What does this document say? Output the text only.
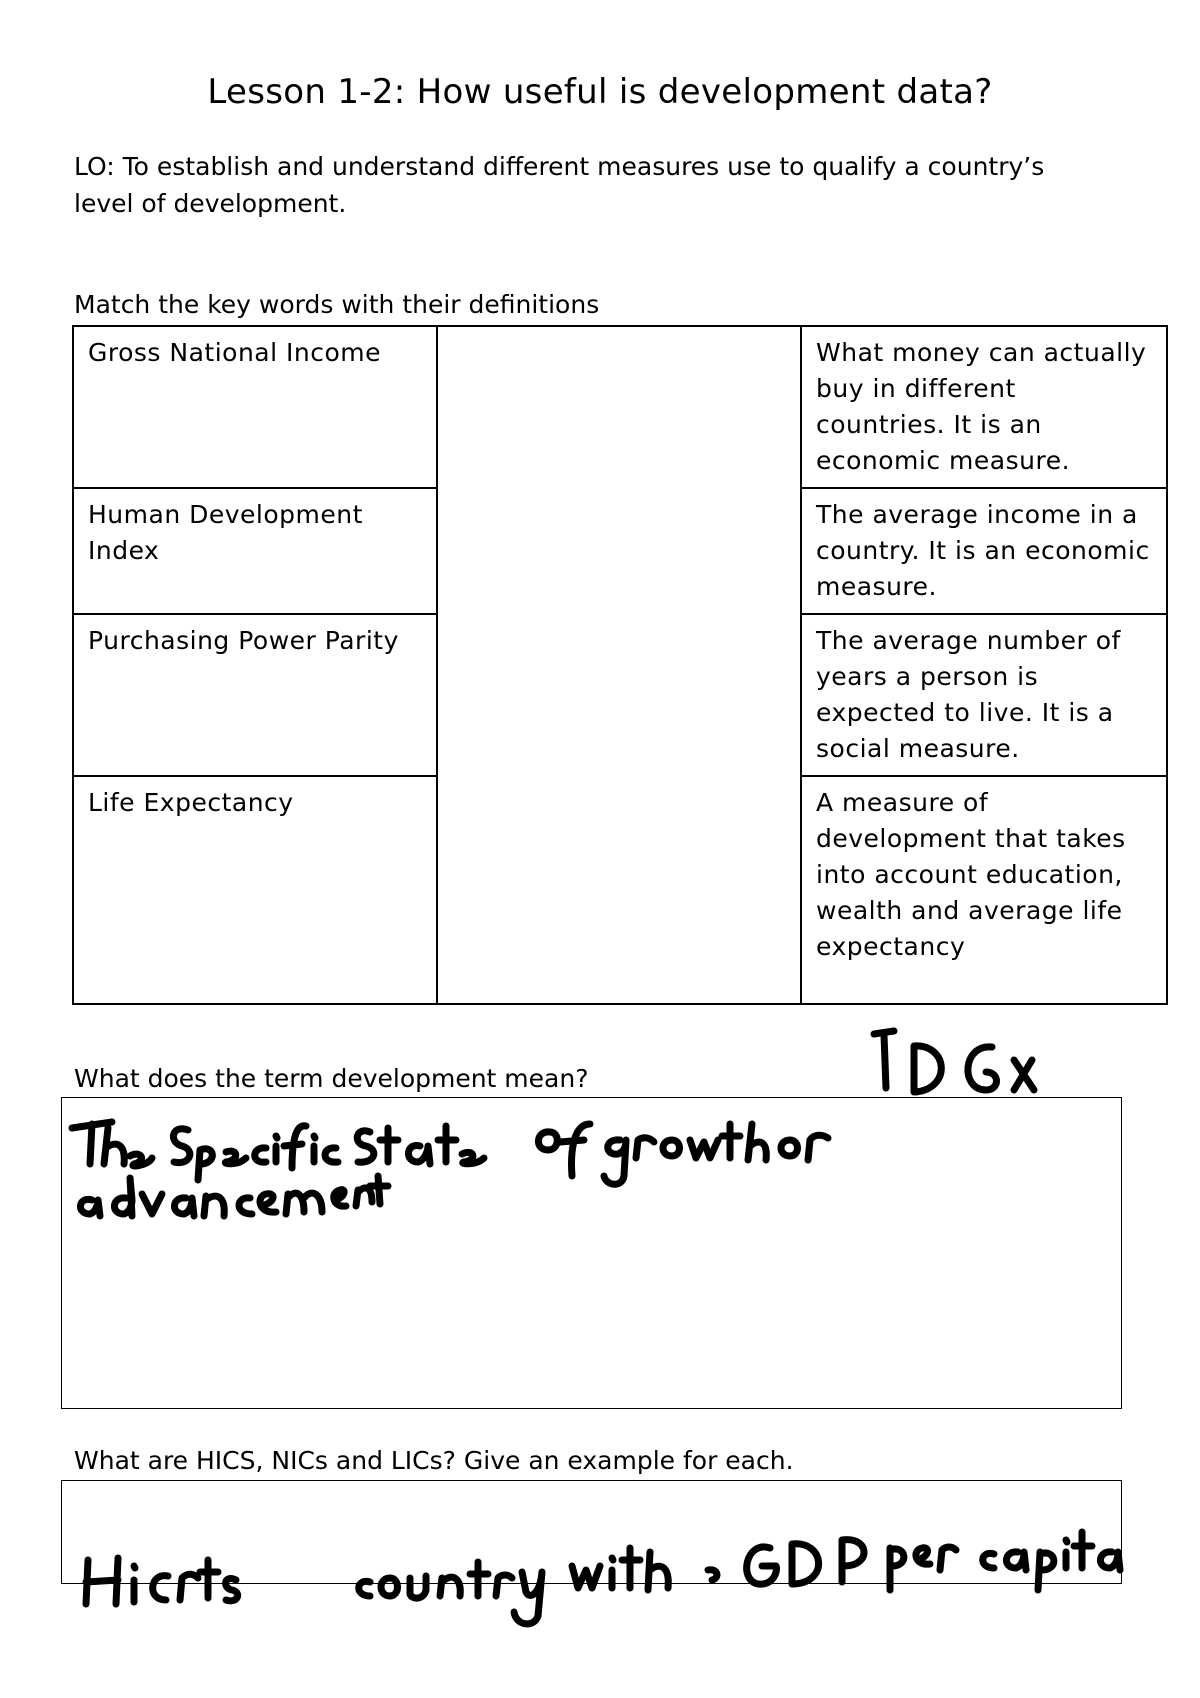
Lesson 1-2: How useful is development data?
LO: To establish and understand different measures use to qualify a country’s level of development.
Match the key words with their definitions
Gross National Income		What money can actually buy in different countries. It is an economic measure.
Human Development Index		The average income in a country. It is an economic measure.
Purchasing Power Parity		The average number of years a person is expected to live. It is a social measure.
Life Expectancy		A measure of development that takes into account education, wealth and average life expectancy
What does the term development mean?
What are HICS, NICs and LICs? Give an example for each.
